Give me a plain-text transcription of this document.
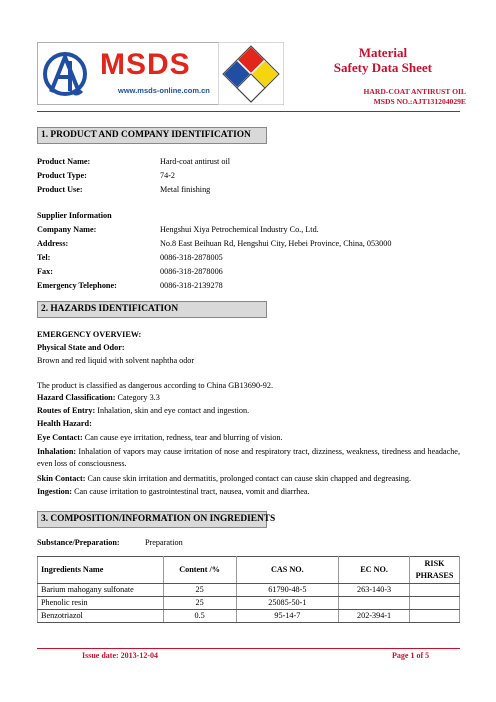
MSDS
www.msds-online.com.cn
Material
Safety Data Sheet
HARD-COAT ANTIRUST OIL
MSDS NO.:AJT131204029E
1. PRODUCT AND COMPANY IDENTIFICATION
Product Name:	Hard-coat antirust oil
Product Type:	74-2
Product Use:	Metal finishing
Supplier Information
Company Name:	Hengshui Xiya Petrochemical Industry Co., Ltd.
Address:	No.8 East Beihuan Rd, Hengshui City, Hebei Province, China, 053000
Tel:	0086-318-2878005
Fax:	0086-318-2878006
Emergency Telephone:	0086-318-2139278
2. HAZARDS IDENTIFICATION
EMERGENCY OVERVIEW:
Physical State and Odor:
Brown and red liquid with solvent naphtha odor
The product is classified as dangerous according to China GB13690-92.
Hazard Classification: Category 3.3
Routes of Entry: Inhalation, skin and eye contact and ingestion.
Health Hazard:
Eye Contact: Can cause eye irritation, redness, tear and blurring of vision.
Inhalation: Inhalation of vapors may cause irritation of nose and respiratory tract, dizziness, weakness, tiredness and headache, even loss of consciousness.
Skin Contact: Can cause skin irritation and dermatitis, prolonged contact can cause skin chapped and degreasing.
Ingestion: Can cause irritation to gastrointestinal tract, nausea, vomit and diarrhea.
3. COMPOSITION/INFORMATION ON INGREDIENTS
Substance/Preparation:	Preparation
Ingredients Name	Content /%	CAS NO.	EC NO.	RISK PHRASES
Barium mahogany sulfonate	25	61790-48-5	263-140-3	
Phenolic resin	25	25085-50-1		
Benzotriazol	0.5	95-14-7	202-394-1	
Issue date: 2013-12-04	Page 1 of 5
